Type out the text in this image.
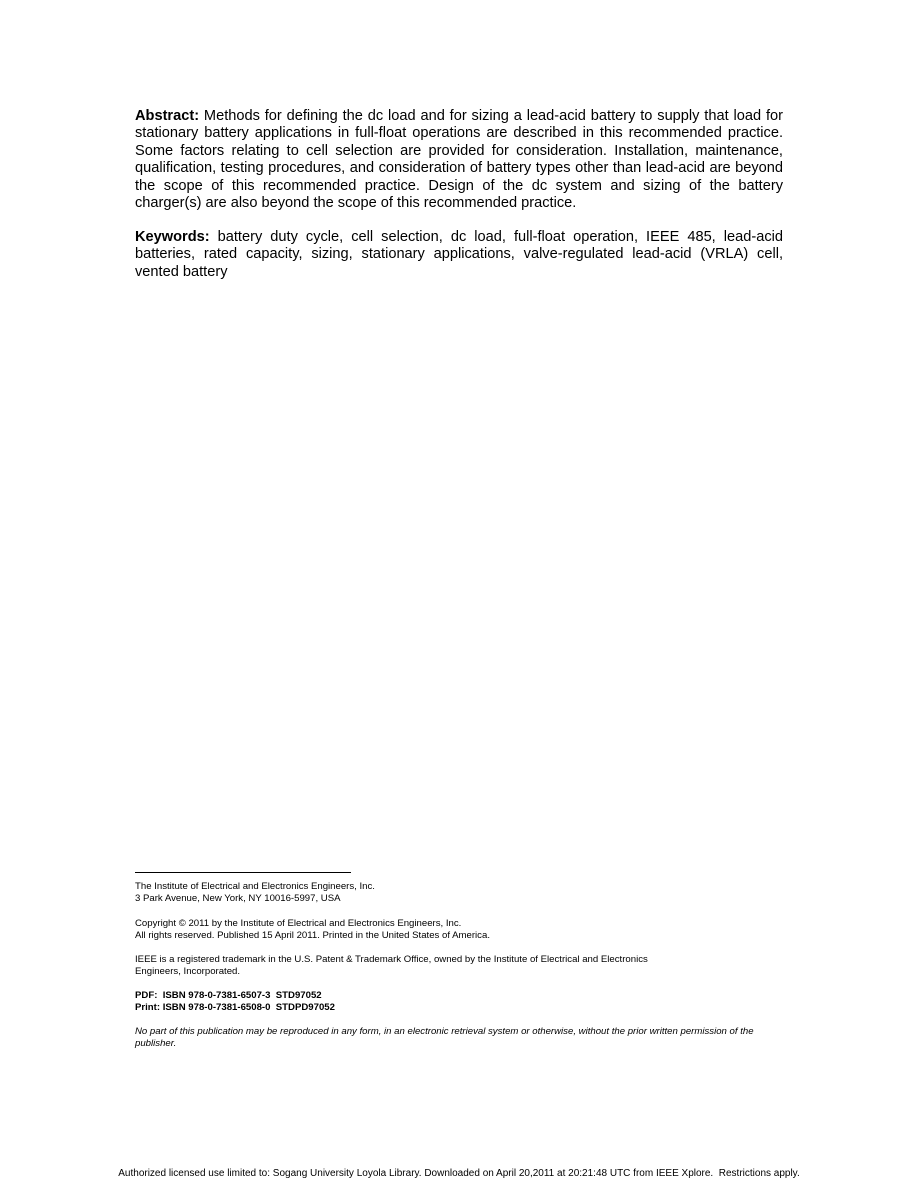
Abstract: Methods for defining the dc load and for sizing a lead-acid battery to supply that load for stationary battery applications in full-float operations are described in this recommended practice. Some factors relating to cell selection are provided for consideration. Installation, maintenance, qualification, testing procedures, and consideration of battery types other than lead-acid are beyond the scope of this recommended practice. Design of the dc system and sizing of the battery charger(s) are also beyond the scope of this recommended practice.

Keywords: battery duty cycle, cell selection, dc load, full-float operation, IEEE 485, lead-acid batteries, rated capacity, sizing, stationary applications, valve-regulated lead-acid (VRLA) cell, vented battery

The Institute of Electrical and Electronics Engineers, Inc.
3 Park Avenue, New York, NY 10016-5997, USA

Copyright © 2011 by the Institute of Electrical and Electronics Engineers, Inc.
All rights reserved. Published 15 April 2011. Printed in the United States of America.

IEEE is a registered trademark in the U.S. Patent & Trademark Office, owned by the Institute of Electrical and Electronics
Engineers, Incorporated.

PDF:  ISBN 978-0-7381-6507-3  STD97052
Print: ISBN 978-0-7381-6508-0  STDPD97052

No part of this publication may be reproduced in any form, in an electronic retrieval system or otherwise, without the prior written permission of the publisher.

Authorized licensed use limited to: Sogang University Loyola Library. Downloaded on April 20,2011 at 20:21:48 UTC from IEEE Xplore.  Restrictions apply.
